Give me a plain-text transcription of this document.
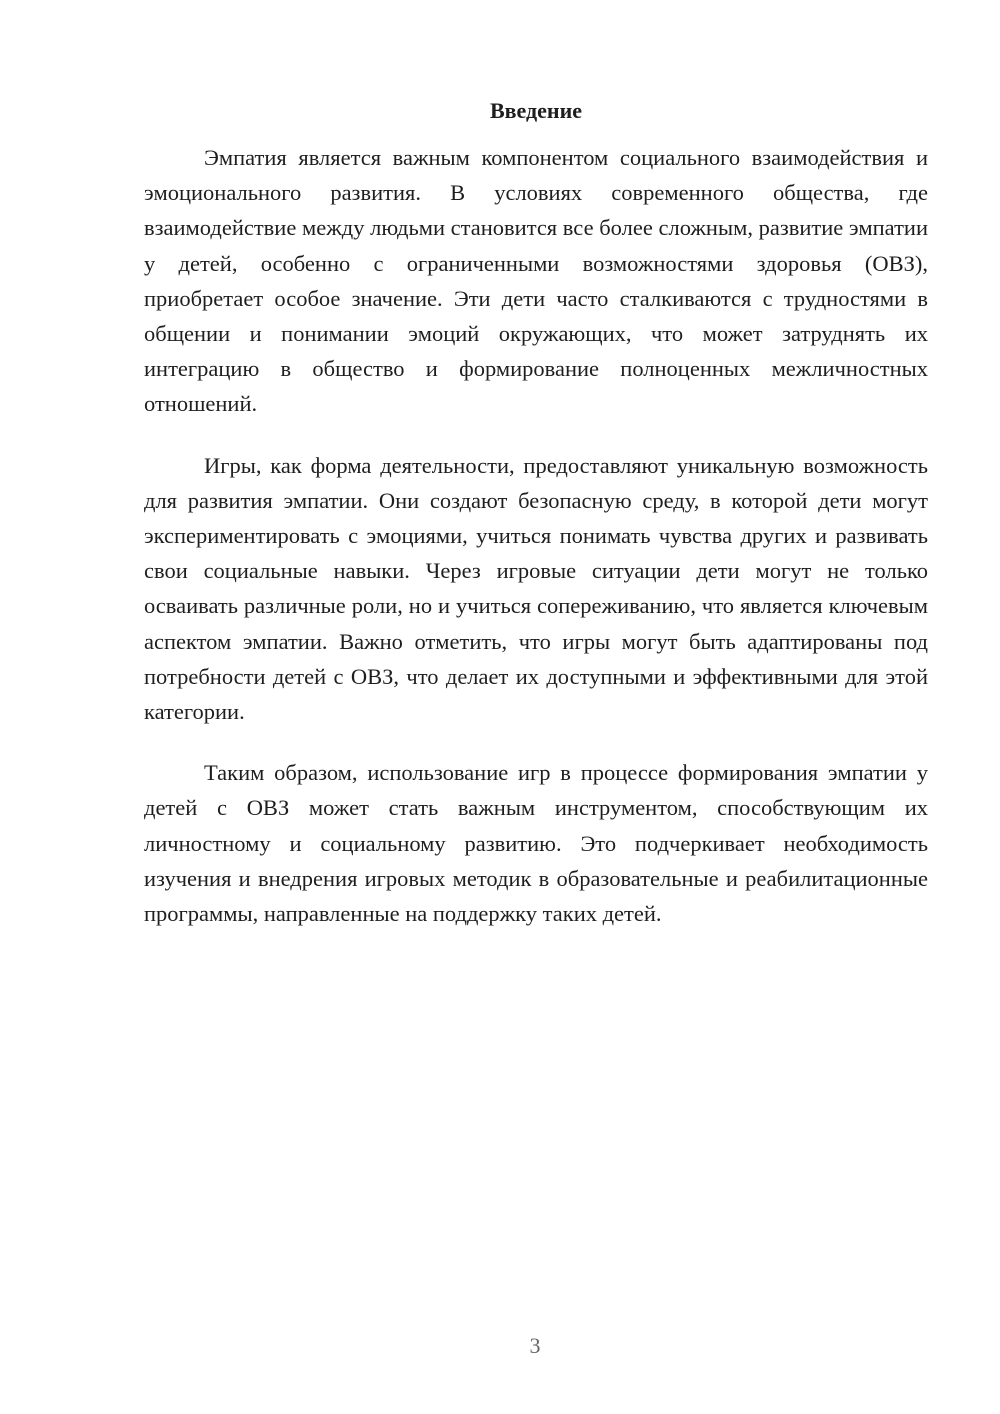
Введение

Эмпатия является важным компонентом социального взаимодействия и эмоционального развития. В условиях современного общества, где взаимодействие между людьми становится все более сложным, развитие эмпатии у детей, особенно с ограниченными возможностями здоровья (ОВЗ), приобретает особое значение. Эти дети часто сталкиваются с трудностями в общении и понимании эмоций окружающих, что может затруднять их интеграцию в общество и формирование полноценных межличностных отношений.

Игры, как форма деятельности, предоставляют уникальную возможность для развития эмпатии. Они создают безопасную среду, в которой дети могут экспериментировать с эмоциями, учиться понимать чувства других и развивать свои социальные навыки. Через игровые ситуации дети могут не только осваивать различные роли, но и учиться сопереживанию, что является ключевым аспектом эмпатии. Важно отметить, что игры могут быть адаптированы под потребности детей с ОВЗ, что делает их доступными и эффективными для этой категории.

Таким образом, использование игр в процессе формирования эмпатии у детей с ОВЗ может стать важным инструментом, способствующим их личностному и социальному развитию. Это подчеркивает необходимость изучения и внедрения игровых методик в образовательные и реабилитационные программы, направленные на поддержку таких детей.

3
